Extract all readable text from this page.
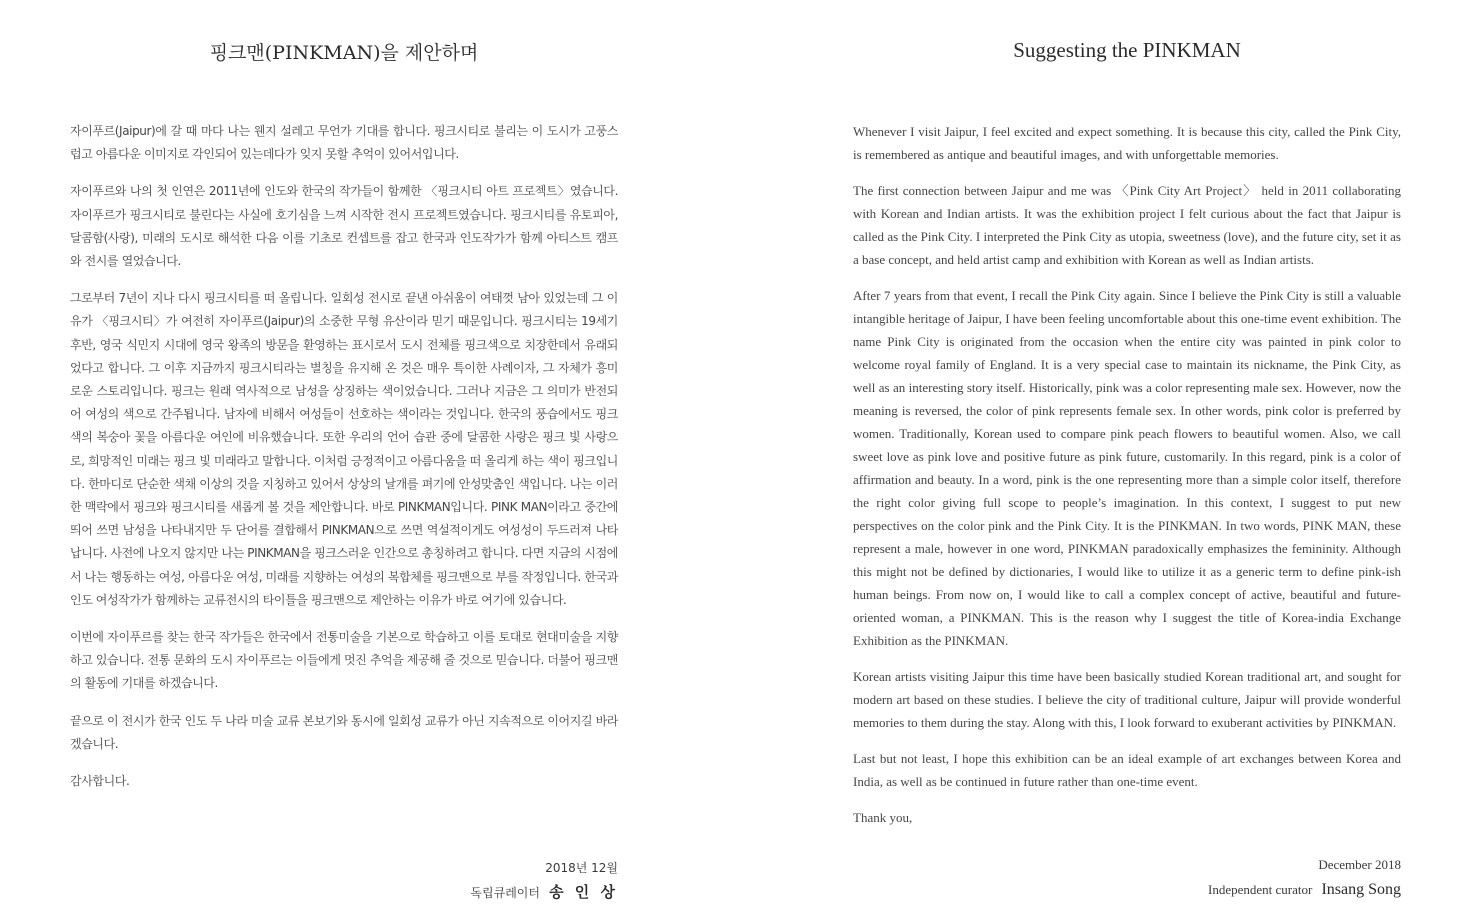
핑크맨(PINKMAN)을 제안하며

자이푸르(Jaipur)에 갈 때 마다 나는 웬지 설레고 무언가 기대를 합니다. 핑크시티로 불리는 이 도시가 고풍스럽고 아름다운 이미지로 각인되어 있는데다가 잊지 못할 추억이 있어서입니다.

자이푸르와 나의 첫 인연은 2011년에 인도와 한국의 작가들이 함께한 〈핑크시티 아트 프로젝트〉였습니다. 자이푸르가 핑크시티로 불린다는 사실에 호기심을 느껴 시작한 전시 프로젝트였습니다. 핑크시티를 유토피아, 달콤함(사랑), 미래의 도시로 해석한 다음 이를 기초로 컨셉트를 잡고 한국과 인도작가가 함께 아티스트 캠프와 전시를 열었습니다.

그로부터 7년이 지나 다시 핑크시티를 떠 올립니다. 일회성 전시로 끝낸 아쉬움이 여태껏 남아 있었는데 그 이유가 〈핑크시티〉가 여전히 자이푸르(Jaipur)의 소중한 무형 유산이라 믿기 때문입니다. 핑크시티는 19세기 후반, 영국 식민지 시대에 영국 왕족의 방문을 환영하는 표시로서 도시 전체를 핑크색으로 치장한데서 유래되었다고 합니다. 그 이후 지금까지 핑크시티라는 별칭을 유지해 온 것은 매우 특이한 사례이자, 그 자체가 흥미로운 스토리입니다. 핑크는 원래 역사적으로 남성을 상징하는 색이었습니다. 그러나 지금은 그 의미가 반전되어 여성의 색으로 간주됩니다. 남자에 비해서 여성들이 선호하는 색이라는 것입니다. 한국의 풍습에서도 핑크색의 복숭아 꽃을 아름다운 여인에 비유했습니다. 또한 우리의 언어 습관 중에 달콤한 사랑은 핑크 빛 사랑으로, 희망적인 미래는 핑크 빛 미래라고 말합니다. 이처럼 긍정적이고 아름다움을 떠 올리게 하는 색이 핑크입니다. 한마디로 단순한 색채 이상의 것을 지칭하고 있어서 상상의 날개를 펴기에 안성맞춤인 색입니다. 나는 이러한 맥락에서 핑크와 핑크시티를 새롭게 볼 것을 제안합니다. 바로 PINKMAN입니다. PINK MAN이라고 중간에 띄어 쓰면 남성을 나타내지만 두 단어를 결합해서 PINKMAN으로 쓰면 역설적이게도 여성성이 두드러져 나타납니다. 사전에 나오지 않지만 나는 PINKMAN을 핑크스러운 인간으로 총칭하려고 합니다. 다면 지금의 시점에서 나는 행동하는 여성, 아름다운 여성, 미래를 지향하는 여성의 복합체를 핑크맨으로 부를 작정입니다. 한국과 인도 여성작가가 함께하는 교류전시의 타이틀을 핑크맨으로 제안하는 이유가 바로 여기에 있습니다.

이번에 자이푸르를 찾는 한국 작가들은 한국에서 전통미술을 기본으로 학습하고 이를 토대로 현대미술을 지향하고 있습니다. 전통 문화의 도시 자이푸르는 이들에게 멋진 추억을 제공해 줄 것으로 믿습니다. 더불어 핑크맨의 활동에 기대를 하겠습니다.

끝으로 이 전시가 한국 인도 두 나라 미술 교류 본보기와 동시에 일회성 교류가 아닌 지속적으로 이어지길 바라겠습니다.

감사합니다.

2018년 12월
독립큐레이터 송 인 상
Suggesting the PINKMAN

Whenever I visit Jaipur, I feel excited and expect something. It is because this city, called the Pink City, is remembered as antique and beautiful images, and with unforgettable memories.

The first connection between Jaipur and me was 〈Pink City Art Project〉 held in 2011 collaborating with Korean and Indian artists. It was the exhibition project I felt curious about the fact that Jaipur is called as the Pink City. I interpreted the Pink City as utopia, sweetness (love), and the future city, set it as a base concept, and held artist camp and exhibition with Korean as well as Indian artists.

After 7 years from that event, I recall the Pink City again. Since I believe the Pink City is still a valuable intangible heritage of Jaipur, I have been feeling uncomfortable about this one-time event exhibition. The name Pink City is originated from the occasion when the entire city was painted in pink color to welcome royal family of England. It is a very special case to maintain its nickname, the Pink City, as well as an interesting story itself. Historically, pink was a color representing male sex. However, now the meaning is reversed, the color of pink represents female sex. In other words, pink color is preferred by women. Traditionally, Korean used to compare pink peach flowers to beautiful women. Also, we call sweet love as pink love and positive future as pink future, customarily. In this regard, pink is a color of affirmation and beauty. In a word, pink is the one representing more than a simple color itself, therefore the right color giving full scope to people’s imagination. In this context, I suggest to put new perspectives on the color pink and the Pink City. It is the PINKMAN. In two words, PINK MAN, these represent a male, however in one word, PINKMAN paradoxically emphasizes the femininity. Although this might not be defined by dictionaries, I would like to utilize it as a generic term to define pink-ish human beings. From now on, I would like to call a complex concept of active, beautiful and future-oriented woman, a PINKMAN. This is the reason why I suggest the title of Korea-india Exchange Exhibition as the PINKMAN.

Korean artists visiting Jaipur this time have been basically studied Korean traditional art, and sought for modern art based on these studies. I believe the city of traditional culture, Jaipur will provide wonderful memories to them during the stay. Along with this, I look forward to exuberant activities by PINKMAN.

Last but not least, I hope this exhibition can be an ideal example of art exchanges between Korea and India, as well as be continued in future rather than one-time event.

Thank you,

December 2018
Independent curator Insang Song
